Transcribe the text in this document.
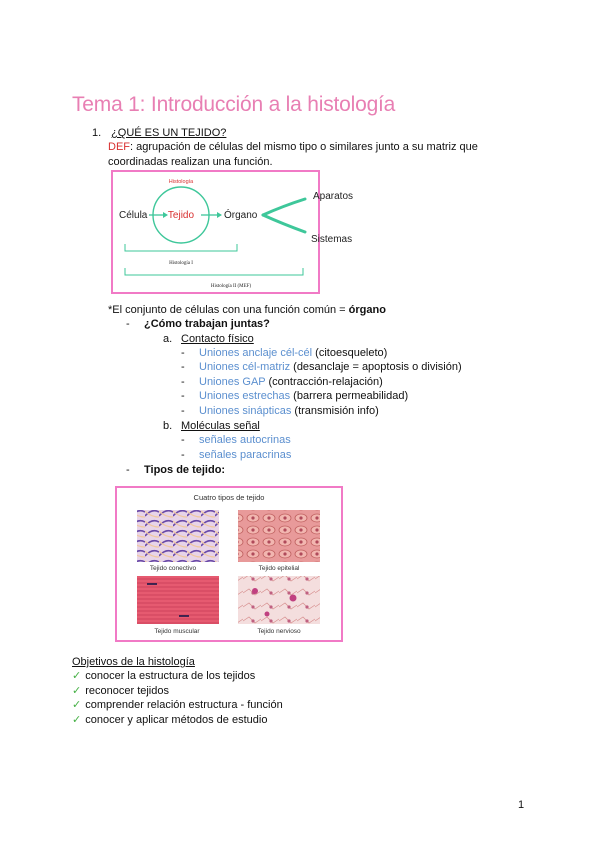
Tema 1: Introducción a la histología
1. ¿QUÉ ES UN TEJIDO?
DEF: agrupación de células del mismo tipo o similares junto a su matriz que coordinadas realizan una función.
Histología
Célula Tejido	Órgano
Aparatos
Sistemas
Histología I
Histología II (MEF)
*El conjunto de células con una función común = órgano
- ¿Cómo trabajan juntas?
a. Contacto físico
- Uniones anclaje cél-cél (citoesqueleto)
- Uniones cél-matriz (desanclaje = apoptosis o división)
- Uniones GAP (contracción-relajación)
- Uniones estrechas (barrera permeabilidad)
- Uniones sinápticas (transmisión info)
b. Moléculas señal
- señales autocrinas
- señales paracrinas
- Tipos de tejido:
Cuatro tipos de tejido
Tejido conectivo	Tejido epitelial
Tejido muscular	Tejido nervioso
Objetivos de la histología
✓ conocer la estructura de los tejidos
✓ reconocer tejidos
✓ comprender relación estructura - función
✓ conocer y aplicar métodos de estudio
1
